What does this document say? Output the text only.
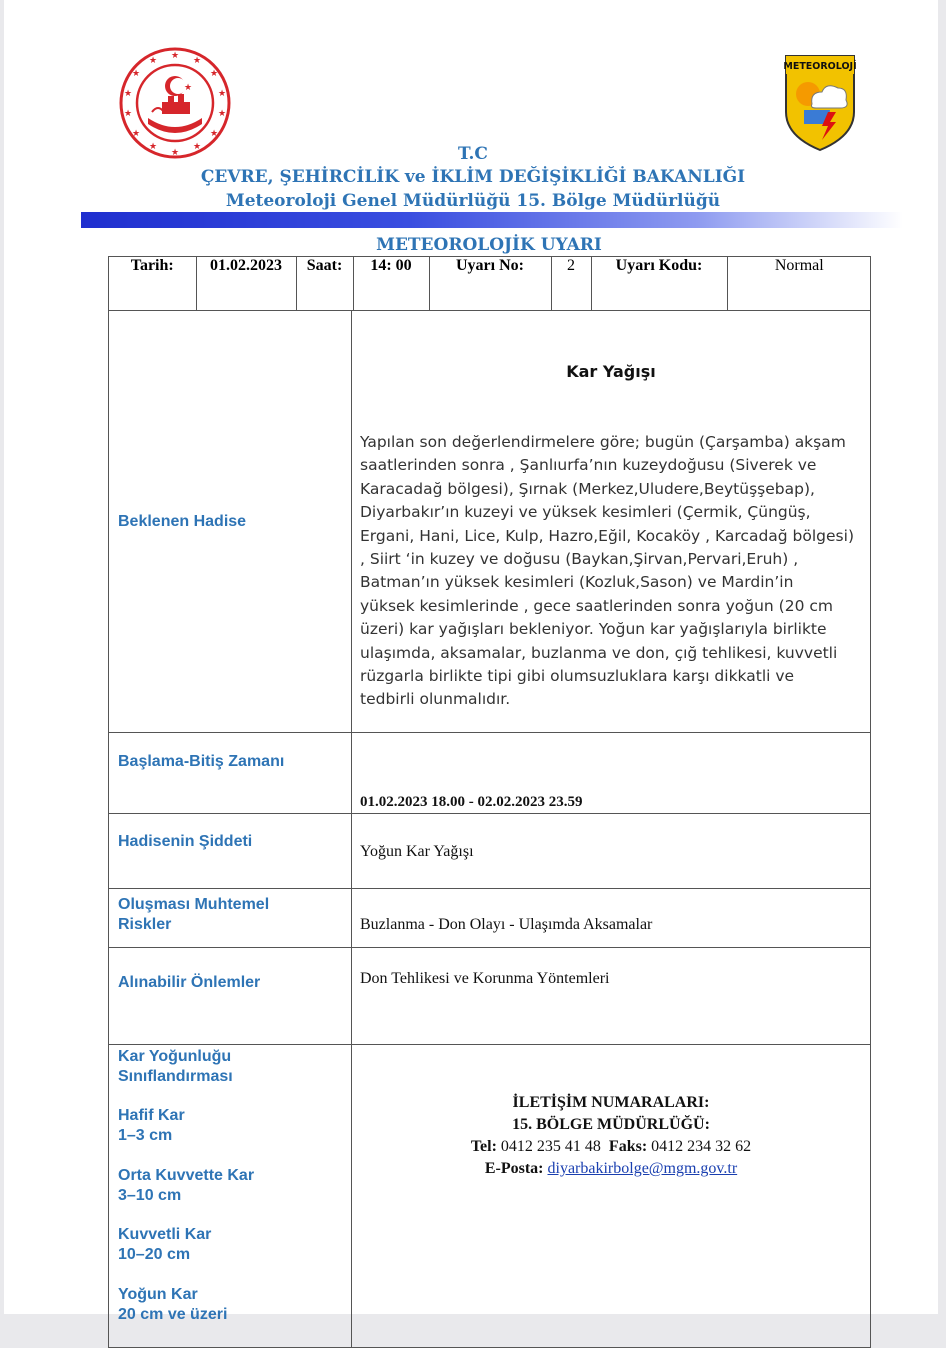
★ ★
★
★
★
★
★
★
★
★
★
★
★
★
★
METEOROLOJİ
T.C
ÇEVRE, ŞEHİRCİLİK ve İKLİM DEĞİŞİKLİĞİ BAKANLIĞI
Meteoroloji Genel Müdürlüğü 15. Bölge Müdürlüğü
METEOROLOJİK UYARI
Tarih:	01.02.2023	Saat:	14: 00	Uyarı No:	2	Uyarı Kodu:	Normal

Beklenen Hadise	
Kar Yağışı
Yapılan son değerlendirmelere göre; bugün (Çarşamba) akşam
saatlerinden sonra , Şanlıurfa’nın kuzeydoğusu (Siverek ve
Karacadağ bölgesi), Şırnak (Merkez,Uludere,Beytüşşebap),
Diyarbakır’ın kuzeyi ve yüksek kesimleri (Çermik, Çüngüş,
Ergani, Hani, Lice, Kulp, Hazro,Eğil, Kocaköy , Karcadağ bölgesi)
, Siirt ‘in kuzey ve doğusu (Baykan,Şirvan,Pervari,Eruh) ,
Batman’ın yüksek kesimleri (Kozluk,Sason) ve Mardin’in
yüksek kesimlerinde , gece saatlerinden sonra yoğun (20 cm
üzeri) kar yağışları bekleniyor. Yoğun kar yağışlarıyla birlikte
ulaşımda, aksamalar, buzlanma ve don, çığ tehlikesi, kuvvetli
rüzgarla birlikte tipi gibi olumsuzluklara karşı dikkatli ve
tedbirli olunmalıdır.

Başlama-Bitiş Zamanı	01.02.2023 18.00 - 02.02.2023 23.59
Hadisenin Şiddeti	Yoğun Kar Yağışı

Oluşması Muhtemel
Riskler	Buzlanma - Don Olayı - Ulaşımda Aksamalar
Alınabilir Önlemler	Don Tehlikesi ve Korunma Yöntemleri

Kar Yoğunluğu

Sınıflandırması

Hafif Kar

1–3 cm

Orta Kuvvette Kar

3–10 cm

Kuvvetli Kar

10–20 cm

Yoğun Kar

20 cm ve üzeri

İLETİŞİM NUMARALARI:
15. BÖLGE MÜDÜRLÜĞÜ:
Tel: 0412 235 41 48 Faks: 0412 234 32 62
E-Posta: diyarbakirbolge@mgm.gov.tr
